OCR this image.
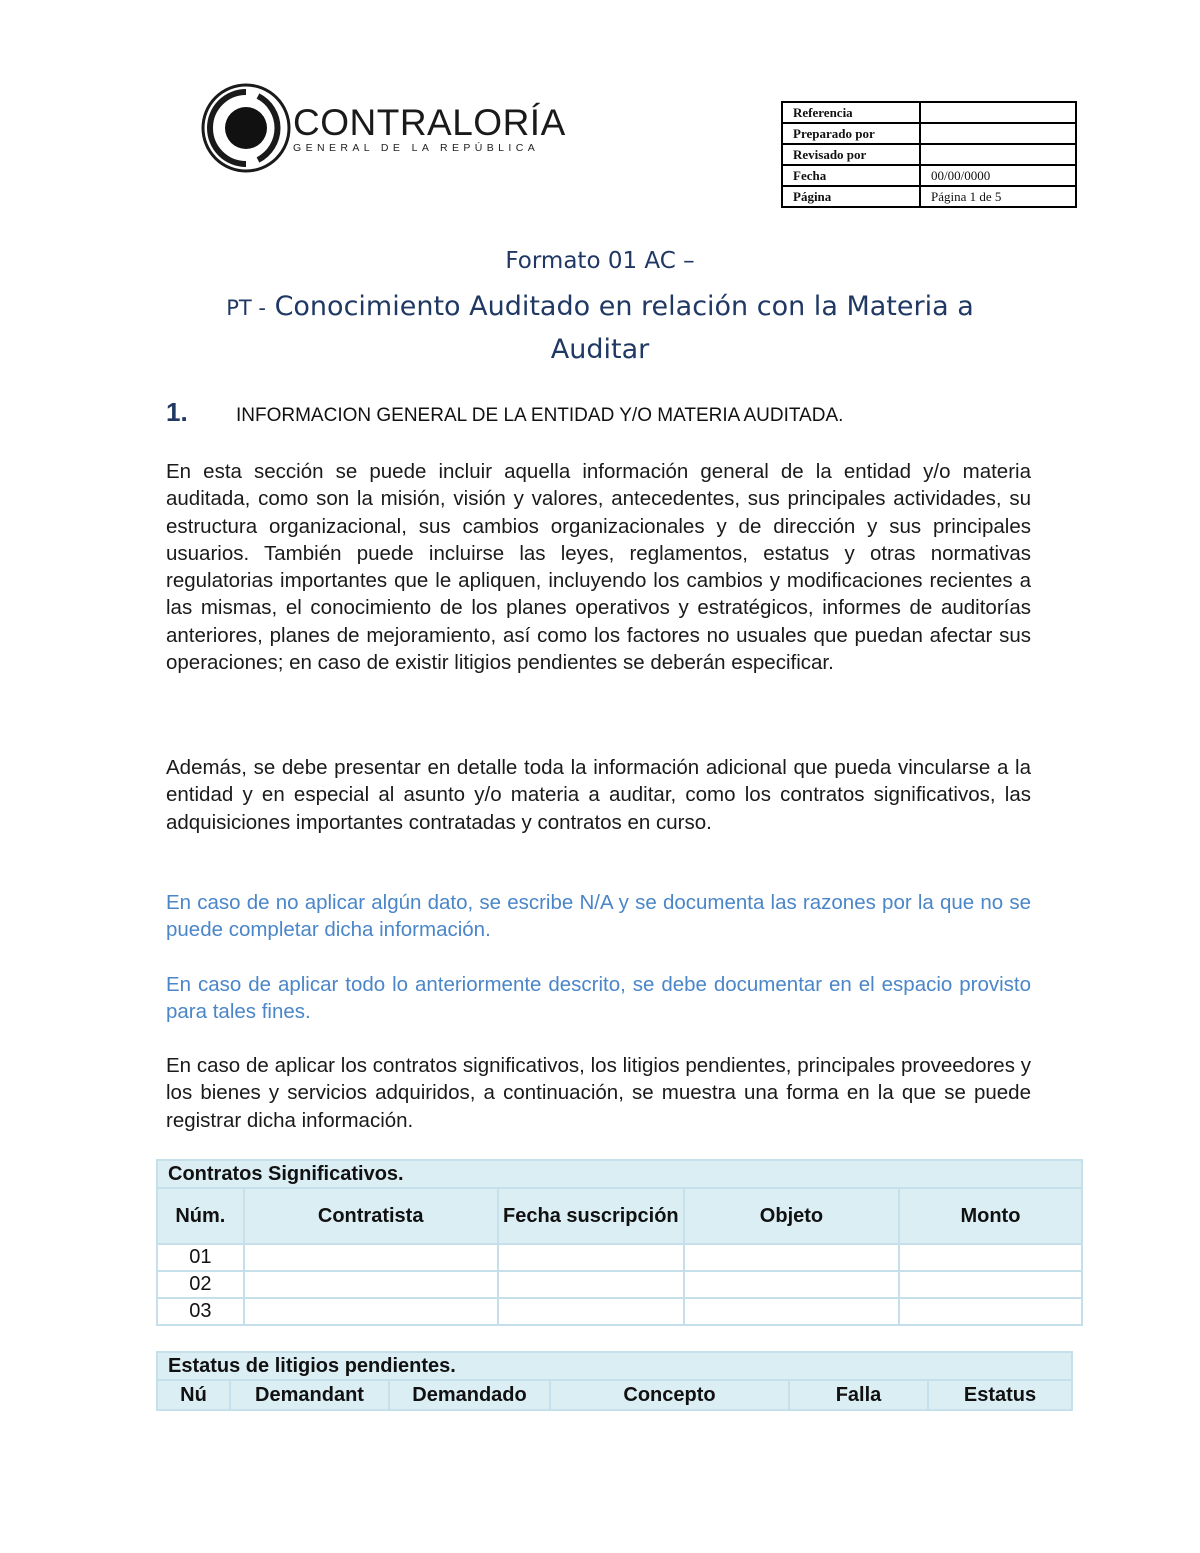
CONTRALORÍA
GENERAL DE LA REPÚBLICA
Referencia	
Preparado por	
Revisado por	
Fecha	00/00/0000
Página	Página 1 de 5
Formato 01 AC –
PT - Conocimiento Auditado en relación con la Materia a Auditar
1.	INFORMACION GENERAL DE LA ENTIDAD Y/O MATERIA AUDITADA.

En esta sección se puede incluir aquella información general de la entidad y/o materia auditada, como son la misión, visión y valores, antecedentes, sus principales actividades, su estructura organizacional, sus cambios organizacionales y de dirección y sus principales usuarios. También puede incluirse las leyes, reglamentos, estatus y otras normativas regulatorias importantes que le apliquen, incluyendo los cambios y modificaciones recientes a las mismas, el conocimiento de los planes operativos y estratégicos, informes de auditorías anteriores, planes de mejoramiento, así como los factores no usuales que puedan afectar sus operaciones; en caso de existir litigios pendientes se deberán especificar.

Además, se debe presentar en detalle toda la información adicional que pueda vincularse a la entidad y en especial al asunto y/o materia a auditar, como los contratos significativos, las adquisiciones importantes contratadas y contratos en curso.

En caso de no aplicar algún dato, se escribe N/A y se documenta las razones por la que no se puede completar dicha información.

En caso de aplicar todo lo anteriormente descrito, se debe documentar en el espacio provisto para tales fines.

En caso de aplicar los contratos significativos, los litigios pendientes, principales proveedores y los bienes y servicios adquiridos, a continuación, se muestra una forma en la que se puede registrar dicha información.

Contratos Significativos.				
Núm.	Contratista	Fecha suscripción	Objeto	Monto
01				
02				
03				
Estatus de litigios pendientes.
Nú	Demandant	Demandado	Concepto	Falla	Estatus
